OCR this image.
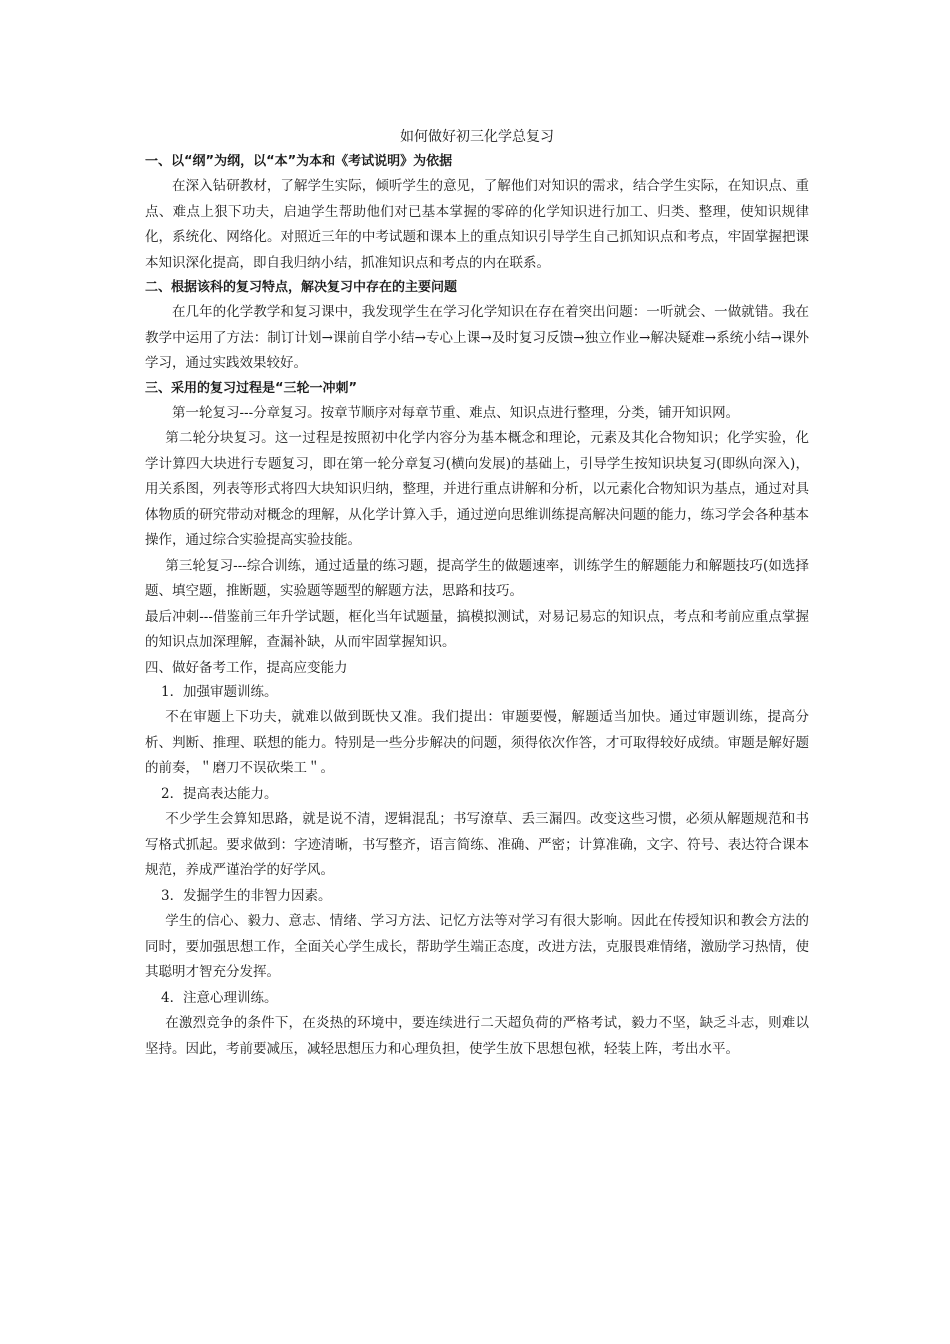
如何做好初三化学总复习

一、以“纲”为纲，以“本”为本和《考试说明》为依据

在深入钻研教材，了解学生实际，倾听学生的意见，了解他们对知识的需求，结合学生实际，在知识点、重点、难点上狠下功夫，启迪学生帮助他们对已基本掌握的零碎的化学知识进行加工、归类、整理，使知识规律化，系统化、网络化。对照近三年的中考试题和课本上的重点知识引导学生自己抓知识点和考点，牢固掌握把课本知识深化提高，即自我归纳小结，抓准知识点和考点的内在联系。

二、根据该科的复习特点，解决复习中存在的主要问题

在几年的化学教学和复习课中，我发现学生在学习化学知识在存在着突出问题：一听就会、一做就错。我在教学中运用了方法：制订计划→课前自学小结→专心上课→及时复习反馈→独立作业→解决疑难→系统小结→课外学习，通过实践效果较好。

三、采用的复习过程是“三轮一冲刺”

第一轮复习---分章复习。按章节顺序对每章节重、难点、知识点进行整理，分类，铺开知识网。

第二轮分块复习。这一过程是按照初中化学内容分为基本概念和理论，元素及其化合物知识；化学实验，化学计算四大块进行专题复习，即在第一轮分章复习(横向发展)的基础上，引导学生按知识块复习(即纵向深入)，用关系图，列表等形式将四大块知识归纳，整理，并进行重点讲解和分析，以元素化合物知识为基点，通过对具体物质的研究带动对概念的理解，从化学计算入手，通过逆向思维训练提高解决问题的能力，练习学会各种基本操作，通过综合实验提高实验技能。

第三轮复习---综合训练，通过适量的练习题，提高学生的做题速率，训练学生的解题能力和解题技巧(如选择题、填空题，推断题，实验题等题型的解题方法，思路和技巧。

最后冲刺---借鉴前三年升学试题，框化当年试题量，搞模拟测试，对易记易忘的知识点，考点和考前应重点掌握的知识点加深理解，查漏补缺，从而牢固掌握知识。

四、做好备考工作，提高应变能力

1．加强审题训练。

不在审题上下功夫，就难以做到既快又准。我们提出：审题要慢，解题适当加快。通过审题训练，提高分析、判断、推理、联想的能力。特别是一些分步解决的问题，须得依次作答，才可取得较好成绩。审题是解好题的前奏，＂磨刀不误砍柴工＂。

2．提高表达能力。

不少学生会算知思路，就是说不清，逻辑混乱；书写潦草、丢三漏四。改变这些习惯，必须从解题规范和书写格式抓起。要求做到：字迹清晰，书写整齐，语言简练、准确、严密；计算准确，文字、符号、表达符合课本规范，养成严谨治学的好学风。

3．发掘学生的非智力因素。

学生的信心、毅力、意志、情绪、学习方法、记忆方法等对学习有很大影响。因此在传授知识和教会方法的同时，要加强思想工作，全面关心学生成长，帮助学生端正态度，改进方法，克服畏难情绪，激励学习热情，使其聪明才智充分发挥。

4．注意心理训练。

在激烈竞争的条件下，在炎热的环境中，要连续进行二天超负荷的严格考试，毅力不坚，缺乏斗志，则难以坚持。因此，考前要减压，减轻思想压力和心理负担，使学生放下思想包袱，轻装上阵，考出水平。
